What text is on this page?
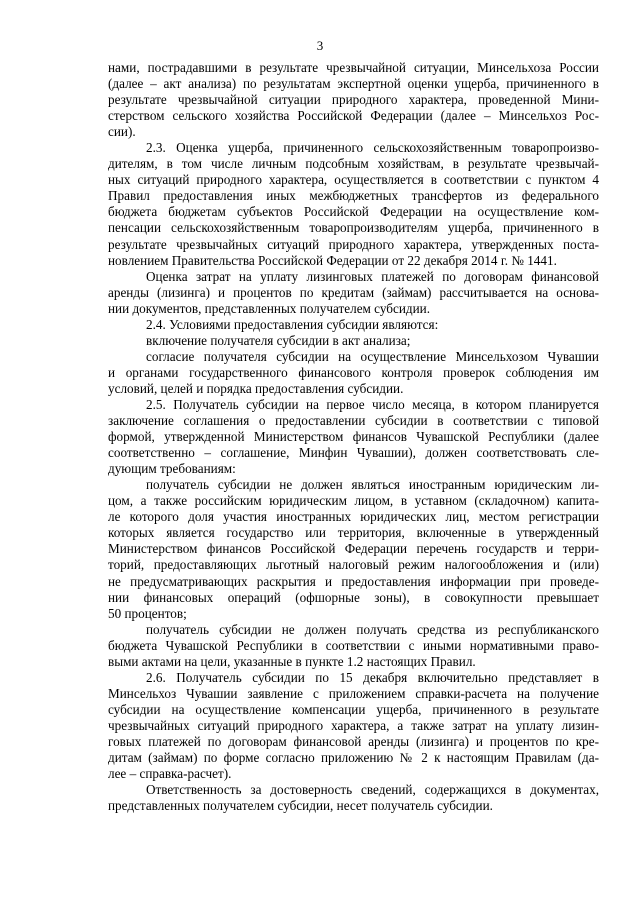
3
нами, пострадавшими в результате чрезвычайной ситуации, Минсельхоза России
(далее – акт анализа) по результатам экспертной оценки ущерба, причиненного в
результате чрезвычайной ситуации природного характера, проведенной Мини-
стерством сельского хозяйства Российской Федерации (далее – Минсельхоз Рос-
сии).
2.3. Оценка ущерба, причиненного сельскохозяйственным товаропроизво-
дителям, в том числе личным подсобным хозяйствам, в результате чрезвычай-
ных ситуаций природного характера, осуществляется в соответствии с пунктом 4
Правил предоставления иных межбюджетных трансфертов из федерального
бюджета бюджетам субъектов Российской Федерации на осуществление ком-
пенсации сельскохозяйственным товаропроизводителям ущерба, причиненного в
результате чрезвычайных ситуаций природного характера, утвержденных поста-
новлением Правительства Российской Федерации от 22 декабря 2014 г. № 1441.
Оценка затрат на уплату лизинговых платежей по договорам финансовой
аренды (лизинга) и процентов по кредитам (займам) рассчитывается на основа-
нии документов, представленных получателем субсидии.
2.4. Условиями предоставления субсидии являются:
включение получателя субсидии в акт анализа;
согласие получателя субсидии на осуществление Минсельхозом Чувашии
и органами государственного финансового контроля проверок соблюдения им
условий, целей и порядка предоставления субсидии.
2.5. Получатель субсидии на первое число месяца, в котором планируется
заключение соглашения о предоставлении субсидии в соответствии с типовой
формой, утвержденной Министерством финансов Чувашской Республики (далее
соответственно – соглашение, Минфин Чувашии), должен соответствовать сле-
дующим требованиям:
получатель субсидии не должен являться иностранным юридическим ли-
цом, а также российским юридическим лицом, в уставном (складочном) капита-
ле которого доля участия иностранных юридических лиц, местом регистрации
которых является государство или территория, включенные в утвержденный
Министерством финансов Российской Федерации перечень государств и терри-
торий, предоставляющих льготный налоговый режим налогообложения и (или)
не предусматривающих раскрытия и предоставления информации при проведе-
нии финансовых операций (офшорные зоны), в совокупности превышает
50 процентов;
получатель субсидии не должен получать средства из республиканского
бюджета Чувашской Республики в соответствии с иными нормативными право-
выми актами на цели, указанные в пункте 1.2 настоящих Правил.
2.6. Получатель субсидии по 15 декабря включительно представляет в
Минсельхоз Чувашии заявление с приложением справки-расчета на получение
субсидии на осуществление компенсации ущерба, причиненного в результате
чрезвычайных ситуаций природного характера, а также затрат на уплату лизин-
говых платежей по договорам финансовой аренды (лизинга) и процентов по кре-
дитам (займам) по форме согласно приложению № 2 к настоящим Правилам (да-
лее – справка-расчет).
Ответственность за достоверность сведений, содержащихся в документах,
представленных получателем субсидии, несет получатель субсидии.
